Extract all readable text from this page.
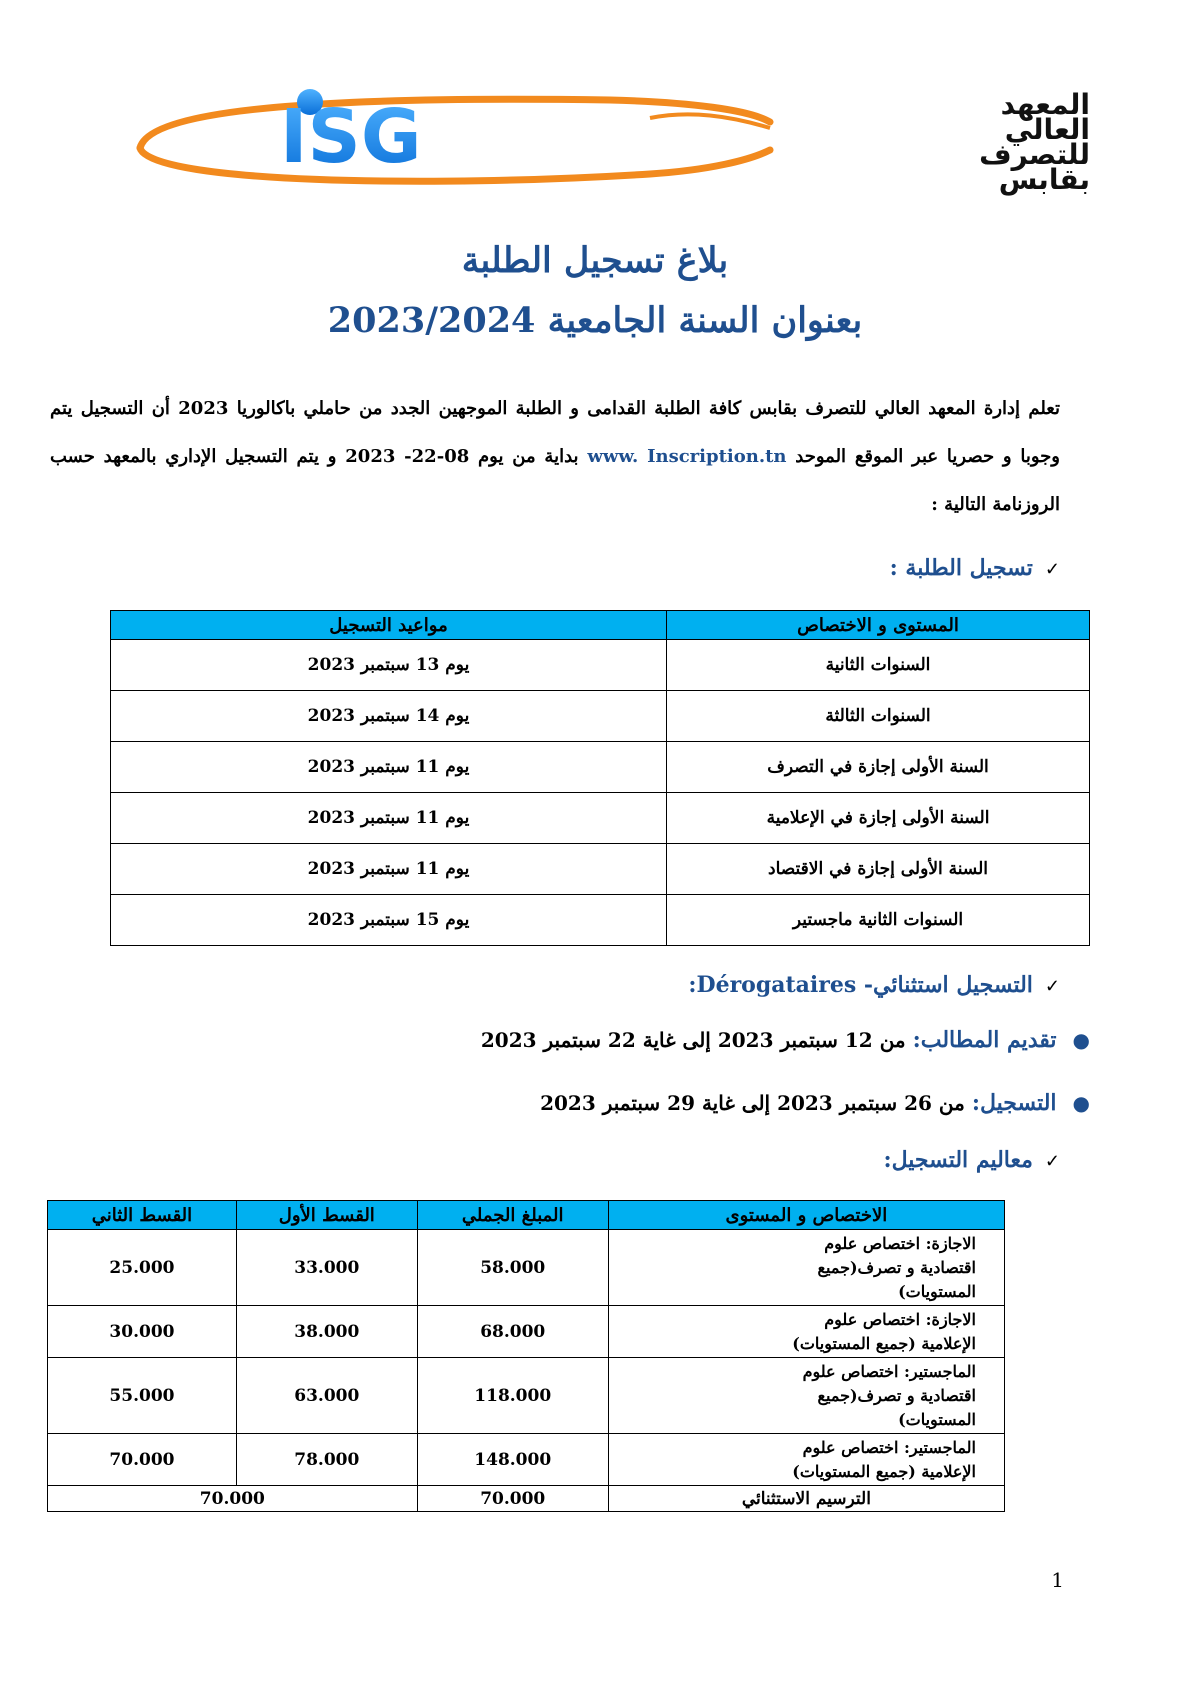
ISG	المعهد
العالي
للتصرف
بقابس
بلاغ تسجيل الطلبة
بعنوان السنة الجامعية 2023/2024
تعلم إدارة المعهد العالي للتصرف بقابس كافة الطلبة القدامى و الطلبة الموجهين الجدد من حاملي باكالوريا 2023 أن التسجيل يتم وجوبا و حصريا عبر الموقع الموحد www. Inscription.tn بداية من يوم 08-22- 2023 و يتم التسجيل الإداري بالمعهد حسب الروزنامة التالية :
✓تسجيل الطلبة :
المستوى و الاختصاص	مواعيد التسجيل
السنوات الثانية	يوم 13 سبتمبر 2023
السنوات الثالثة	يوم 14 سبتمبر 2023
السنة الأولى إجازة في التصرف	يوم 11 سبتمبر 2023
السنة الأولى إجازة في الإعلامية	يوم 11 سبتمبر 2023
السنة الأولى إجازة في الاقتصاد	يوم 11 سبتمبر 2023
السنوات الثانية ماجستير	يوم 15 سبتمبر 2023
✓التسجيل استثنائي- Dérogataires:
●تقديم المطالب: من 12 سبتمبر 2023 إلى غاية 22 سبتمبر 2023
●التسجيل: من 26 سبتمبر 2023 إلى غاية 29 سبتمبر 2023
✓معاليم التسجيل:
الاختصاص و المستوى	المبلغ الجملي	القسط الأول	القسط الثاني

الاجازة: اختصاص علوم
اقتصادية و تصرف(جميع
المستويات)	58.000	33.000	25.000

الاجازة: اختصاص علوم
الإعلامية (جميع المستويات)	68.000	38.000	30.000

الماجستير: اختصاص علوم
اقتصادية و تصرف(جميع
المستويات)	118.000	63.000	55.000

الماجستير: اختصاص علوم
الإعلامية (جميع المستويات)	148.000	78.000	70.000
الترسيم الاستثنائي	70.000	70.000	
1
